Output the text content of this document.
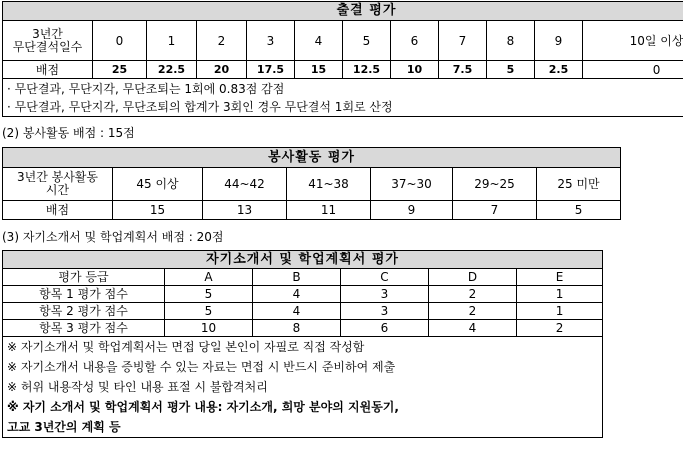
출결 평가											
3년간
무단결석일수	0	1	2	3	4	5	6	7	8	9	10일 이상
배점	25	22.5	20	17.5	15	12.5	10	7.5	5	2.5	0

· 무단결과, 무단지각, 무단조퇴는 1회에 0.83점 감점
· 무단결과, 무단지각, 무단조퇴의 합계가 3회인 경우 무단결석 1회로 산정											
(2) 봉사활동 배점 : 15점
봉사활동 평가						
3년간 봉사활동
시간	45 이상	44~42	41~38	37~30	29~25	25 미만
배점	15	13	11	9	7	5
(3) 자기소개서 및 학업계획서 배점 : 20점
자기소개서 및 학업계획서 평가					
평가 등급	A	B	C	D	E
항목 1 평가 점수	5	4	3	2	1
항목 2 평가 점수	5	4	3	2	1
항목 3 평가 점수	10	8	6	4	2

※ 자기소개서 및 학업계획서는 면접 당일 본인이 자필로 직접 작성함
※ 자기소개서 내용을 증빙할 수 있는 자료는 면접 시 반드시 준비하여 제출
※ 허위 내용작성 및 타인 내용 표절 시 불합격처리
※ 자기 소개서 및 학업계획서 평가 내용: 자기소개, 희망 분야의 지원동기,
고교 3년간의 계획 등					
